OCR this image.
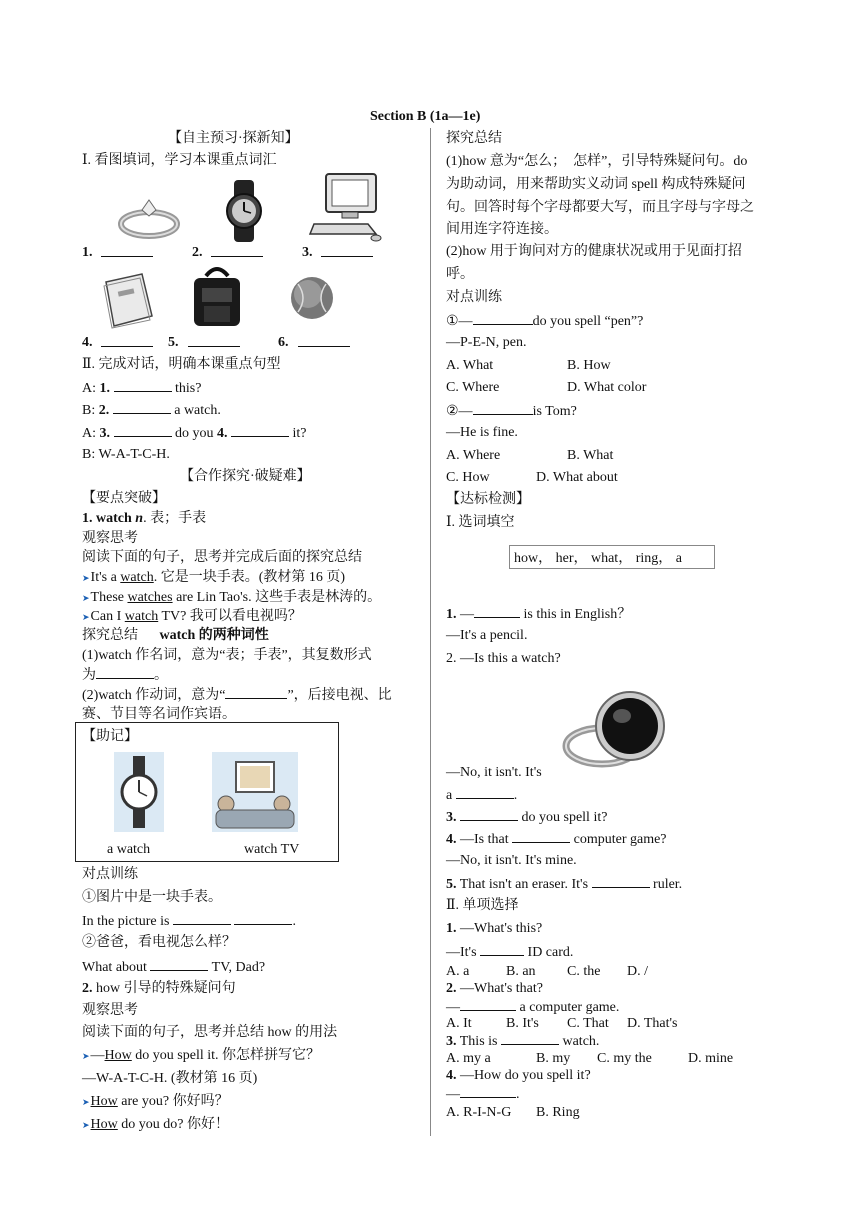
Section B (1a—1e)
【自主预习·探新知】
Ⅰ. 看图填词，学习本课重点词汇
1.	2.	3.
4.	5.	6.
Ⅱ. 完成对话，明确本课重点句型
A: 1.	this?
B: 2.	a watch.
A: 3.	do you 4.	it?
B: W-A-T-C-H.
【合作探究·破疑难】
【要点突破】
1. watch n. 表；手表
观察思考
阅读下面的句子，思考并完成后面的探究总结
➤It's a watch. 它是一块手表。(教材第 16 页)
➤These watches are Lin Tao's. 这些手表是林涛的。
➤Can I watch TV? 我可以看电视吗？
探究总结 watch 的两种词性
(1)watch 作名词，意为“表；手表”，其复数形式
为	。
(2)watch 作动词，意为“	”，后接电视、比
赛、节目等名词作宾语。
【助记】
a watch	watch TV
对点训练
①图片中是一块手表。
In the picture is	.
②爸爸，看电视怎么样？
What about	TV, Dad?
2. how 引导的特殊疑问句
观察思考
阅读下面的句子，思考并总结 how 的用法
➤—How do you spell it. 你怎样拼写它？
—W-A-T-C-H. (教材第 16 页)
➤How are you? 你好吗？
➤How do you do? 你好！
探究总结
(1)how 意为“怎么；　怎样”，引导特殊疑问句。do
为助动词，用来帮助实义动词 spell 构成特殊疑问
句。回答时每个字母都要大写，而且字母与字母之
间用连字符连接。
(2)how 用于询问对方的健康状况或用于见面打招
呼。
对点训练
①—	do you spell “pen”?
—P-E-N, pen.
A. What	B. How
C. Where	D. What color
②—	is Tom?
—He is fine.
A. Where	B. What
C. How	D. What about
【达标检测】
Ⅰ. 选词填空
how， her， what， ring， a
1. —	is this in English？
—It's a pencil.
2. —Is this a watch?
—No, it isn't. It's
a	.
3.	do you spell it?
4. —Is that	computer game?
—No, it isn't. It's mine.
5. That isn't an eraser. It's	ruler.
Ⅱ. 单项选择
1. —What's this?
—It's	ID card.
A. a	B. an C. the D. /
2. —What's that?
—	a computer game.
A. It B. It's C. That D. That's
3. This is	watch.
A. my a	B. my C. my the	D. mine
4. —How do you spell it?
—	.
A. R-I-N-G B. Ring
